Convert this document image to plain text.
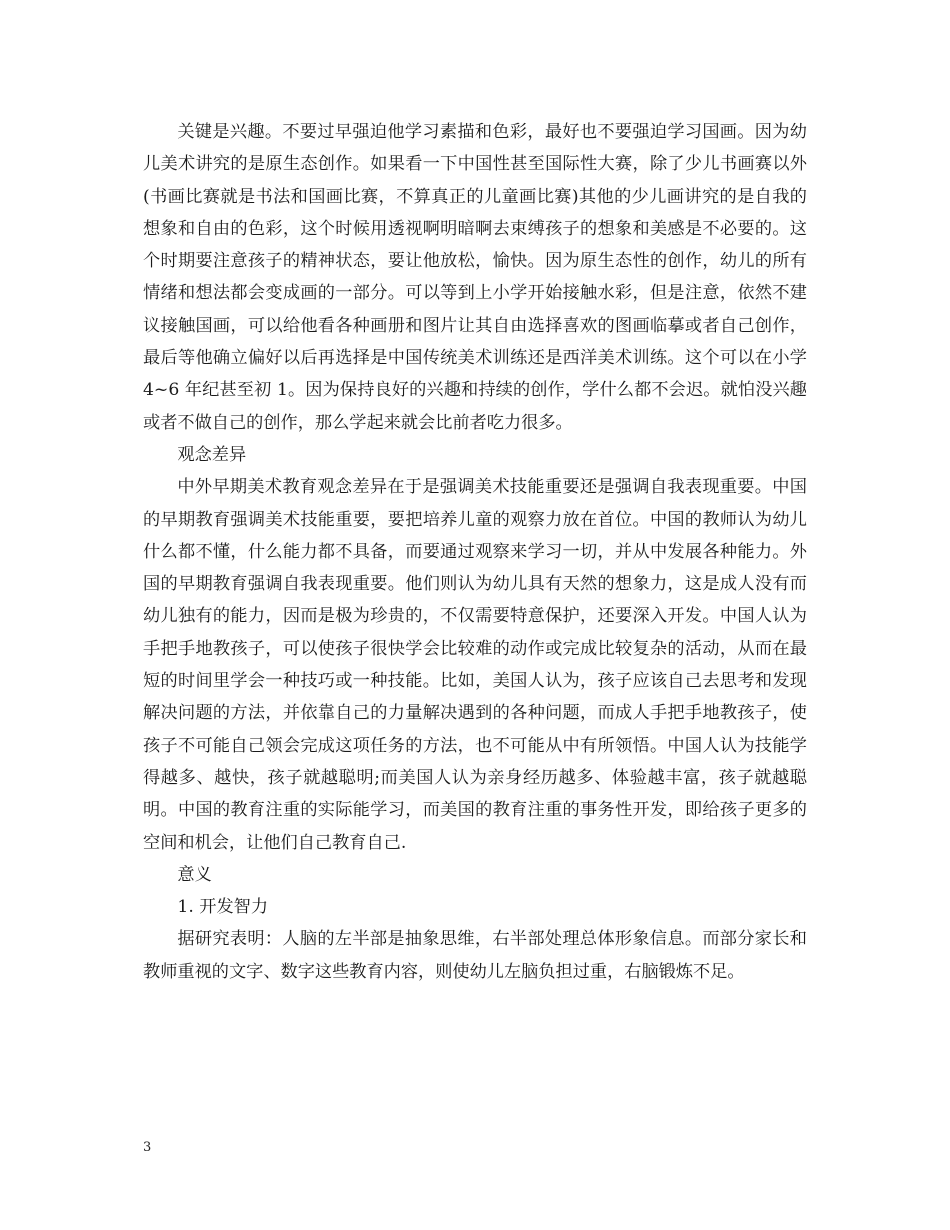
关键是兴趣。不要过早强迫他学习素描和色彩，最好也不要强迫学习国画。因为幼儿美术讲究的是原生态创作。如果看一下中国性甚至国际性大赛，除了少儿书画赛以外(书画比赛就是书法和国画比赛，不算真正的儿童画比赛)其他的少儿画讲究的是自我的想象和自由的色彩，这个时候用透视啊明暗啊去束缚孩子的想象和美感是不必要的。这个时期要注意孩子的精神状态，要让他放松，愉快。因为原生态性的创作，幼儿的所有情绪和想法都会变成画的一部分。可以等到上小学开始接触水彩，但是注意，依然不建议接触国画，可以给他看各种画册和图片让其自由选择喜欢的图画临摹或者自己创作，最后等他确立偏好以后再选择是中国传统美术训练还是西洋美术训练。这个可以在小学 4~6 年纪甚至初 1。因为保持良好的兴趣和持续的创作，学什么都不会迟。就怕没兴趣或者不做自己的创作，那么学起来就会比前者吃力很多。

观念差异

中外早期美术教育观念差异在于是强调美术技能重要还是强调自我表现重要。中国的早期教育强调美术技能重要，要把培养儿童的观察力放在首位。中国的教师认为幼儿什么都不懂，什么能力都不具备，而要通过观察来学习一切，并从中发展各种能力。外国的早期教育强调自我表现重要。他们则认为幼儿具有天然的想象力，这是成人没有而幼儿独有的能力，因而是极为珍贵的，不仅需要特意保护，还要深入开发。中国人认为手把手地教孩子，可以使孩子很快学会比较难的动作或完成比较复杂的活动，从而在最短的时间里学会一种技巧或一种技能。比如，美国人认为，孩子应该自己去思考和发现解决问题的方法，并依靠自己的力量解决遇到的各种问题，而成人手把手地教孩子，使孩子不可能自己领会完成这项任务的方法，也不可能从中有所领悟。中国人认为技能学得越多、越快，孩子就越聪明;而美国人认为亲身经历越多、体验越丰富，孩子就越聪明。中国的教育注重的实际能学习，而美国的教育注重的事务性开发，即给孩子更多的空间和机会，让他们自己教育自己.

意义

1. 开发智力

据研究表明：人脑的左半部是抽象思维，右半部处理总体形象信息。而部分家长和教师重视的文字、数字这些教育内容，则使幼儿左脑负担过重，右脑锻炼不足。

3
